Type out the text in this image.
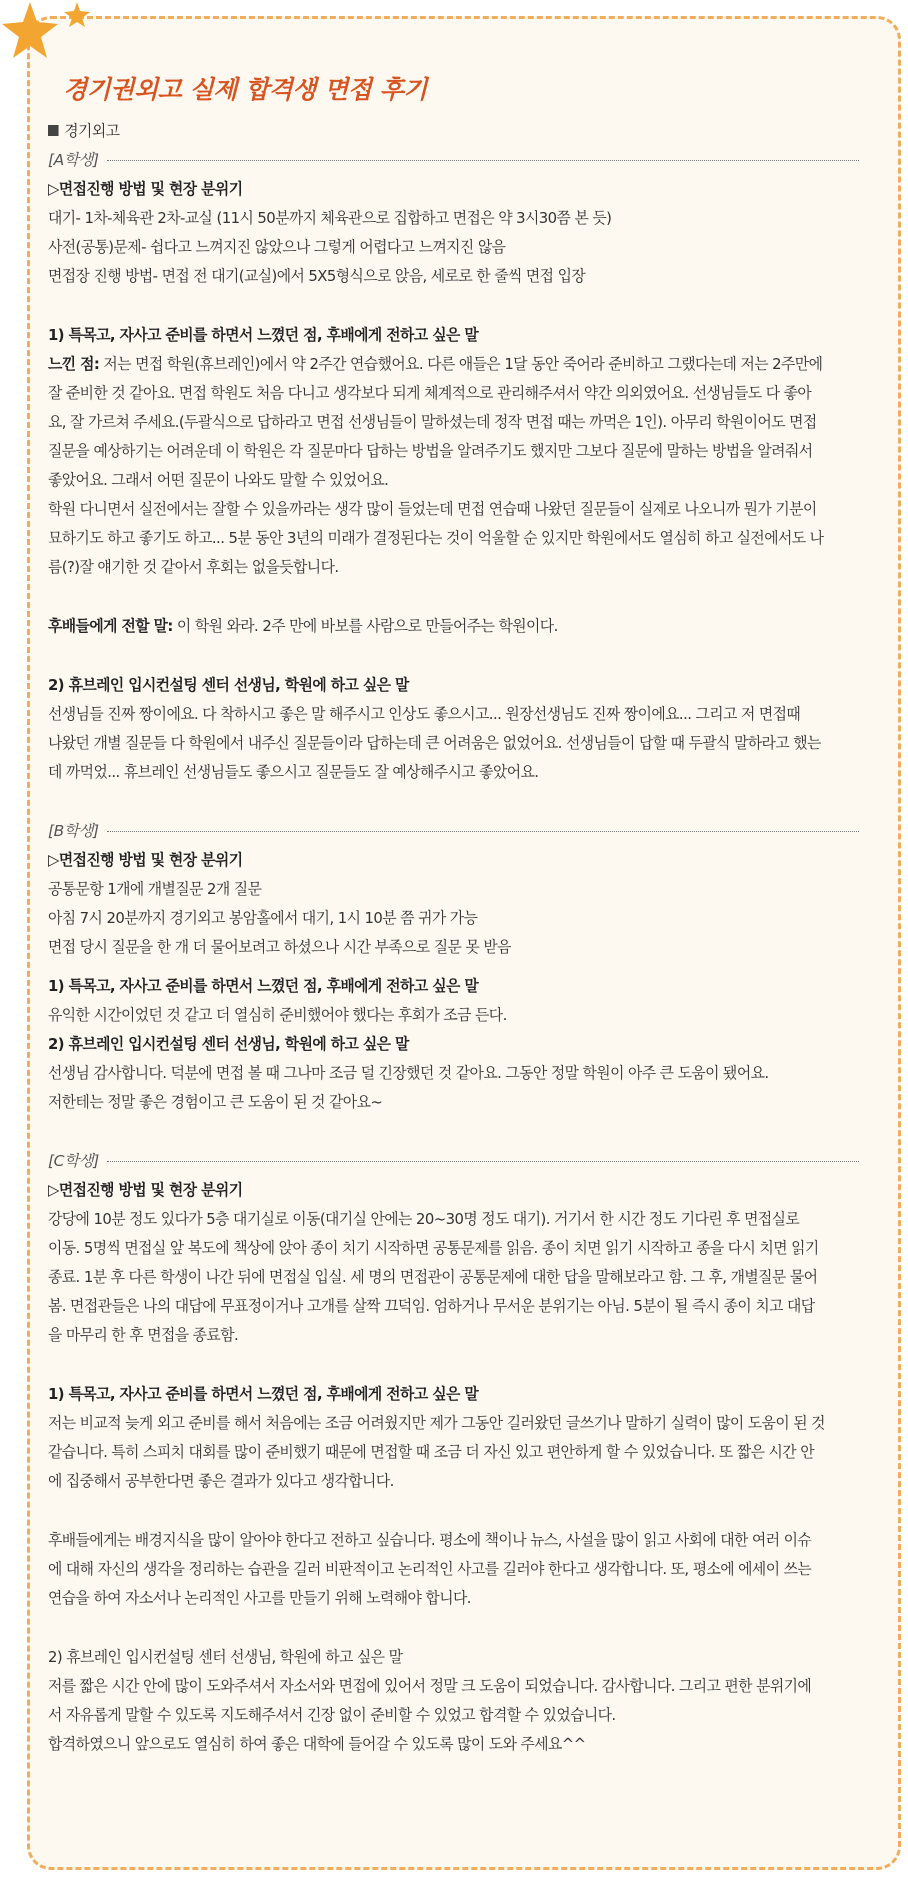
경기권외고 실제 합격생 면접 후기
경기외고
[A학생]
▷면접진행 방법 및 현장 분위기
대기- 1차-체육관 2차-교실 (11시 50분까지 체육관으로 집합하고 면접은 약 3시30쯤 본 듯)
사전(공통)문제- 쉽다고 느껴지진 않았으나 그렇게 어렵다고 느껴지진 않음
면접장 진행 방법- 면접 전 대기(교실)에서 5X5형식으로 앉음, 세로로 한 줄씩 면접 입장
1) 특목고, 자사고 준비를 하면서 느꼈던 점, 후배에게 전하고 싶은 말
느낀 점: 저는 면접 학원(휴브레인)에서 약 2주간 연습했어요. 다른 애들은 1달 동안 죽어라 준비하고 그랬다는데 저는 2주만에
잘 준비한 것 같아요. 면접 학원도 처음 다니고 생각보다 되게 체계적으로 관리해주셔서 약간 의외였어요. 선생님들도 다 좋아
요, 잘 가르쳐 주세요.(두괄식으로 답하라고 면접 선생님들이 말하셨는데 정작 면접 때는 까먹은 1인). 아무리 학원이어도 면접
질문을 예상하기는 어려운데 이 학원은 각 질문마다 답하는 방법을 알려주기도 했지만 그보다 질문에 말하는 방법을 알려줘서
좋았어요. 그래서 어떤 질문이 나와도 말할 수 있었어요.
학원 다니면서 실전에서는 잘할 수 있을까라는 생각 많이 들었는데 면접 연습때 나왔던 질문들이 실제로 나오니까 뭔가 기분이
묘하기도 하고 좋기도 하고... 5분 동안 3년의 미래가 결정된다는 것이 억울할 순 있지만 학원에서도 열심히 하고 실전에서도 나
름(?)잘 얘기한 것 같아서 후회는 없을듯합니다.
후배들에게 전할 말: 이 학원 와라. 2주 만에 바보를 사람으로 만들어주는 학원이다.
2) 휴브레인 입시컨설팅 센터 선생님, 학원에 하고 싶은 말
선생님들 진짜 짱이에요. 다 착하시고 좋은 말 해주시고 인상도 좋으시고... 원장선생님도 진짜 짱이에요... 그리고 저 면접때
나왔던 개별 질문들 다 학원에서 내주신 질문들이라 답하는데 큰 어려움은 없었어요. 선생님들이 답할 때 두괄식 말하라고 했는
데 까먹었... 휴브레인 선생님들도 좋으시고 질문들도 잘 예상해주시고 좋았어요.
[B학생]
▷면접진행 방법 및 현장 분위기
공통문항 1개에 개별질문 2개 질문
아침 7시 20분까지 경기외고 봉암홀에서 대기, 1시 10분 쯤 귀가 가능
면접 당시 질문을 한 개 더 물어보려고 하셨으나 시간 부족으로 질문 못 받음
1) 특목고, 자사고 준비를 하면서 느꼈던 점, 후배에게 전하고 싶은 말
유익한 시간이었던 것 같고 더 열심히 준비했어야 했다는 후회가 조금 든다.
2) 휴브레인 입시컨설팅 센터 선생님, 학원에 하고 싶은 말
선생님 감사합니다. 덕분에 면접 볼 때 그나마 조금 덜 긴장했던 것 같아요. 그동안 정말 학원이 아주 큰 도움이 됐어요.
저한테는 정말 좋은 경험이고 큰 도움이 된 것 같아요~
[C학생]
▷면접진행 방법 및 현장 분위기
강당에 10분 정도 있다가 5층 대기실로 이동(대기실 안에는 20~30명 정도 대기). 거기서 한 시간 정도 기다린 후 면접실로
이동. 5명씩 면접실 앞 복도에 책상에 앉아 종이 치기 시작하면 공통문제를 읽음. 종이 치면 읽기 시작하고 종을 다시 치면 읽기
종료. 1분 후 다른 학생이 나간 뒤에 면접실 입실. 세 명의 면접관이 공통문제에 대한 답을 말해보라고 함. 그 후, 개별질문 물어
봄. 면접관들은 나의 대답에 무표정이거나 고개를 살짝 끄덕임. 엄하거나 무서운 분위기는 아님. 5분이 될 즉시 종이 치고 대답
을 마무리 한 후 면접을 종료함.
1) 특목고, 자사고 준비를 하면서 느꼈던 점, 후배에게 전하고 싶은 말
저는 비교적 늦게 외고 준비를 해서 처음에는 조금 어려웠지만 제가 그동안 길러왔던 글쓰기나 말하기 실력이 많이 도움이 된 것
같습니다. 특히 스피치 대회를 많이 준비했기 때문에 면접할 때 조금 더 자신 있고 편안하게 할 수 있었습니다. 또 짧은 시간 안
에 집중해서 공부한다면 좋은 결과가 있다고 생각합니다.
후배들에게는 배경지식을 많이 알아야 한다고 전하고 싶습니다. 평소에 책이나 뉴스, 사설을 많이 읽고 사회에 대한 여러 이슈
에 대해 자신의 생각을 정리하는 습관을 길러 비판적이고 논리적인 사고를 길러야 한다고 생각합니다. 또, 평소에 에세이 쓰는
연습을 하여 자소서나 논리적인 사고를 만들기 위해 노력해야 합니다.
2) 휴브레인 입시컨설팅 센터 선생님, 학원에 하고 싶은 말
저를 짧은 시간 안에 많이 도와주셔서 자소서와 면접에 있어서 정말 크 도움이 되었습니다. 감사합니다. 그리고 편한 분위기에
서 자유롭게 말할 수 있도록 지도해주셔서 긴장 없이 준비할 수 있었고 합격할 수 있었습니다.
합격하였으니 앞으로도 열심히 하여 좋은 대학에 들어갈 수 있도록 많이 도와 주세요^^
